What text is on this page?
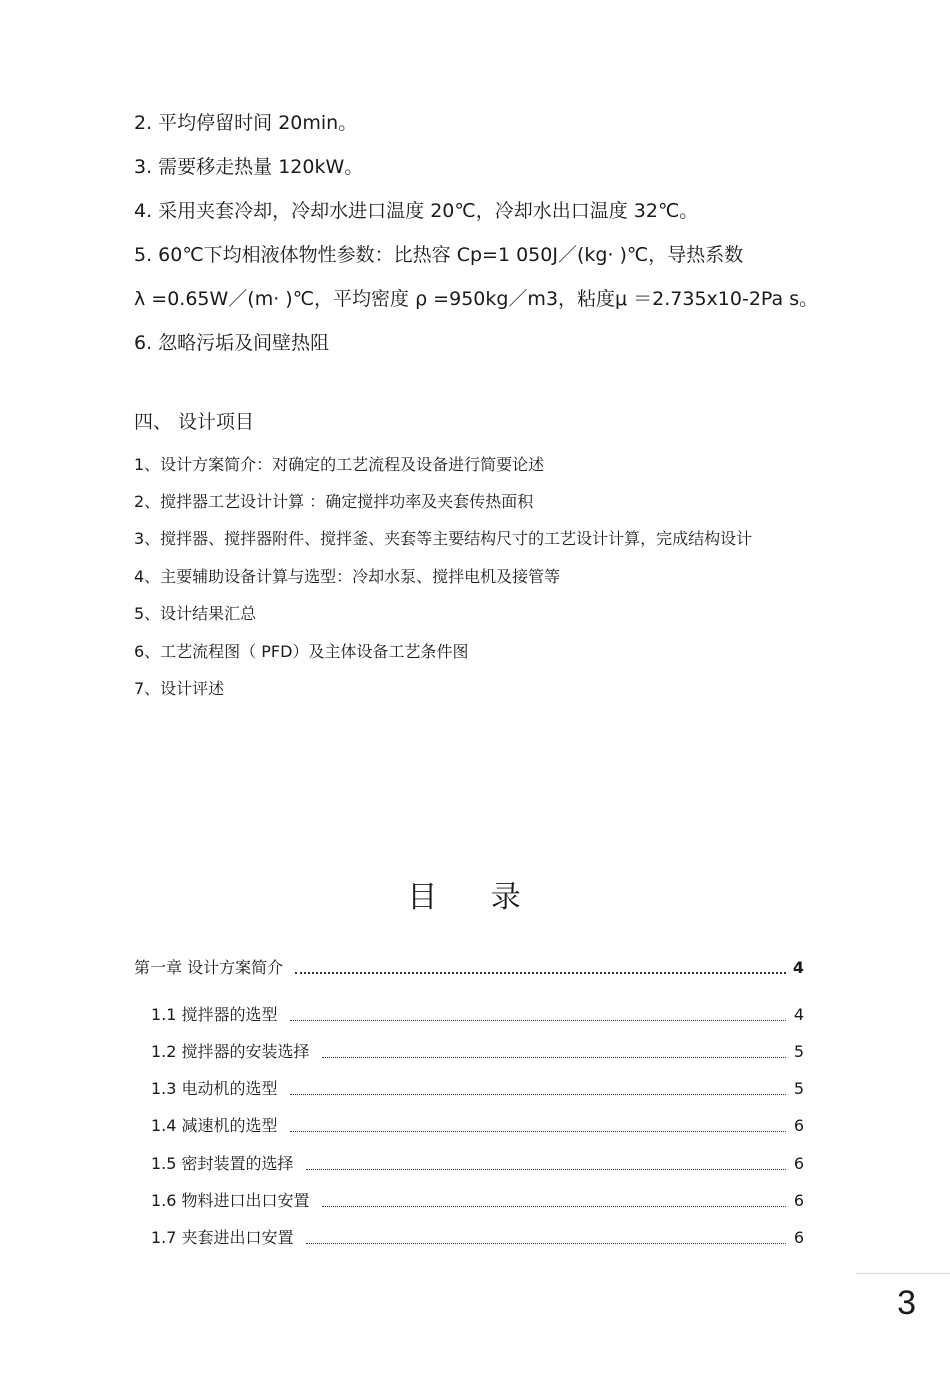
2. 平均停留时间 20min。
3. 需要移走热量 120kW。
4. 采用夹套冷却，冷却水进口温度 20℃，冷却水出口温度 32℃。
5. 60℃下均相液体物性参数：比热容 Cp=1 050J／(kg· )℃，导热系数
λ =0.65W／(m· )℃，平均密度 ρ =950kg／m3，粘度μ ＝2.735x10-2Pa s。
6. 忽略污垢及间壁热阻
四、 设计项目
1、设计方案简介：对确定的工艺流程及设备进行简要论述
2、搅拌器工艺设计计算 ：确定搅拌功率及夹套传热面积
3、搅拌器、搅拌器附件、搅拌釜、夹套等主要结构尺寸的工艺设计计算，完成结构设计
4、主要辅助设备计算与选型：冷却水泵、搅拌电机及接管等
5、设计结果汇总
6、工艺流程图（ PFD）及主体设备工艺条件图
7、设计评述
目 录
第一章 设计方案简介	4
1.1 搅拌器的选型	4
1.2 搅拌器的安装选择	5
1.3 电动机的选型	5
1.4 减速机的选型	6
1.5 密封装置的选择	6
1.6 物料进口出口安置	6
1.7 夹套进出口安置	6
3
